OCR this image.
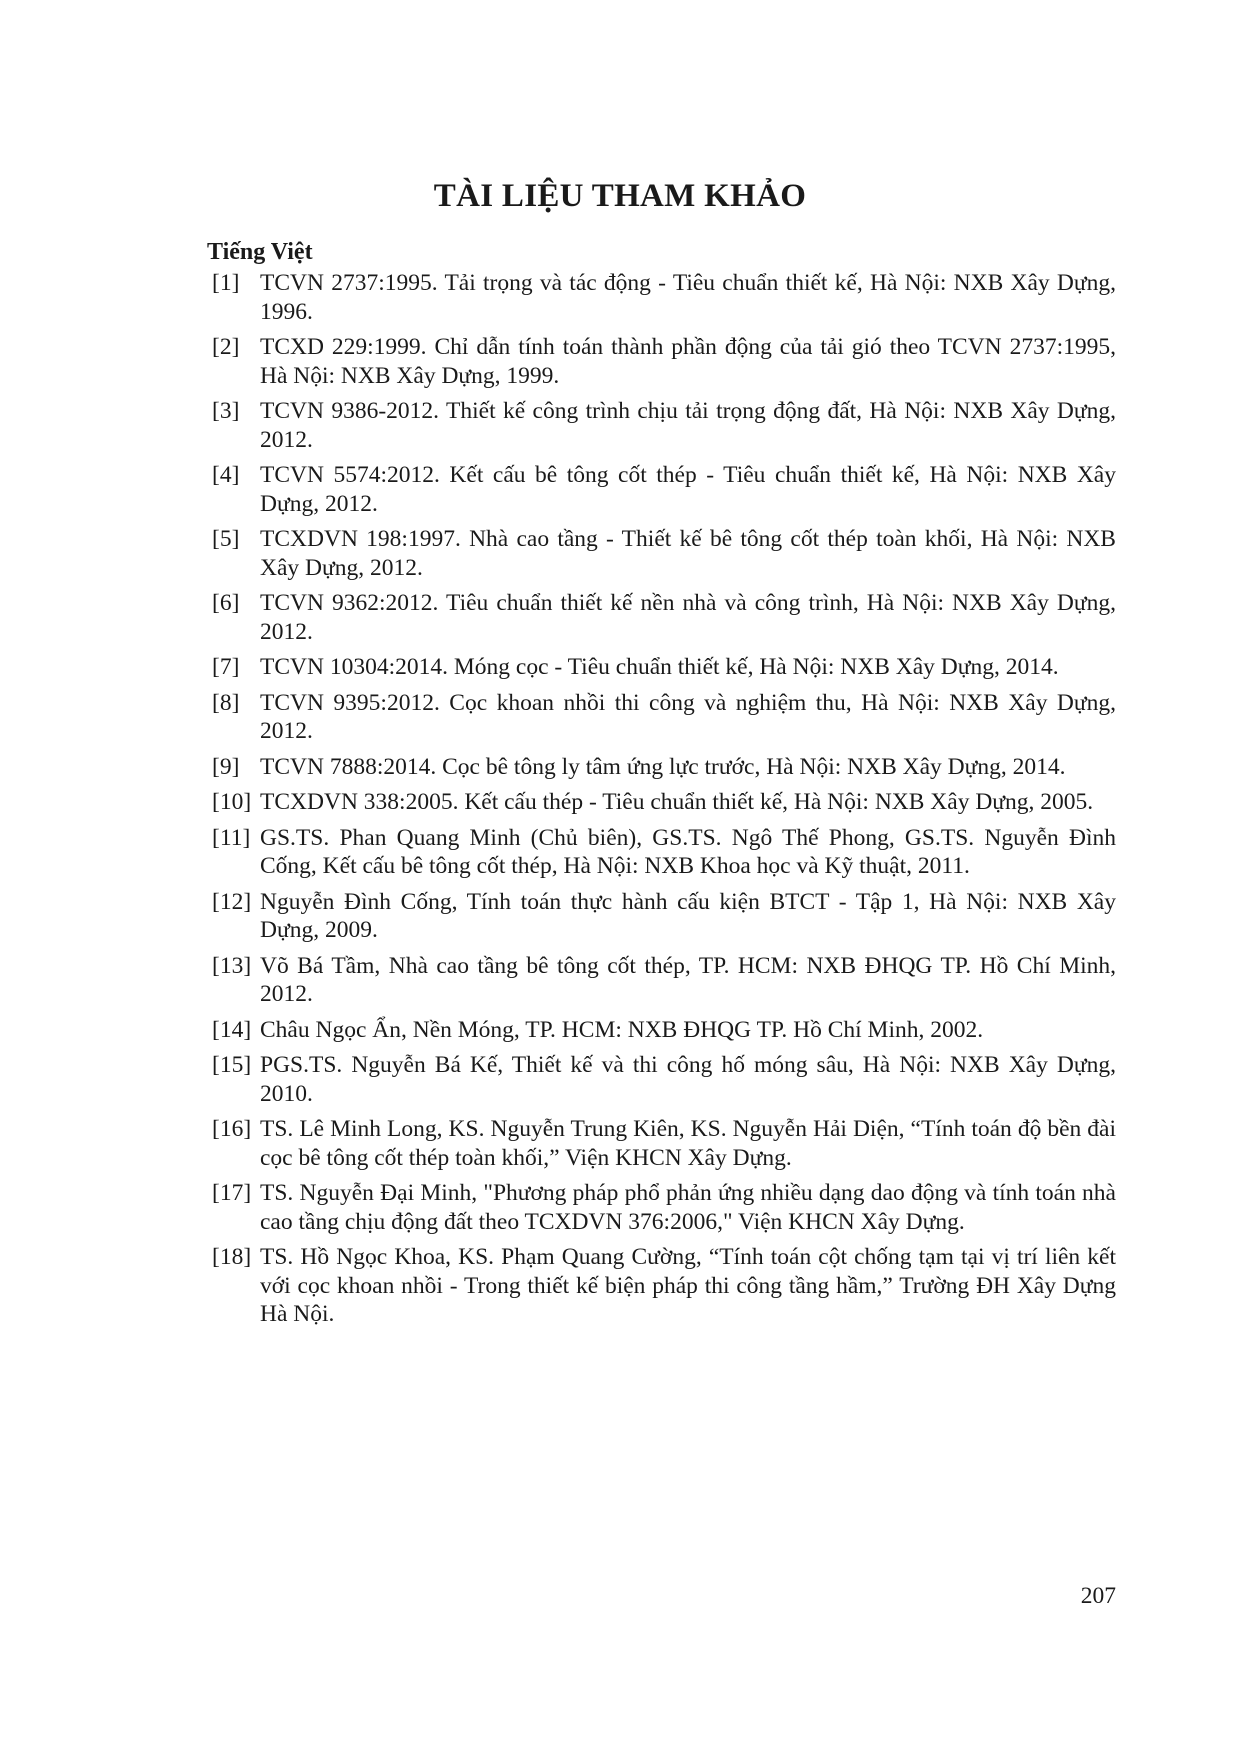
TÀI LIỆU THAM KHẢO
Tiếng Việt
[1] TCVN 2737:1995. Tải trọng và tác động - Tiêu chuẩn thiết kế, Hà Nội: NXB Xây Dựng, 1996.
[2] TCXD 229:1999. Chỉ dẫn tính toán thành phần động của tải gió theo TCVN 2737:1995, Hà Nội: NXB Xây Dựng, 1999.
[3] TCVN 9386-2012. Thiết kế công trình chịu tải trọng động đất, Hà Nội: NXB Xây Dựng, 2012.
[4] TCVN 5574:2012. Kết cấu bê tông cốt thép - Tiêu chuẩn thiết kế, Hà Nội: NXB Xây Dựng, 2012.
[5] TCXDVN 198:1997. Nhà cao tầng - Thiết kế bê tông cốt thép toàn khối, Hà Nội: NXB Xây Dựng, 2012.
[6] TCVN 9362:2012. Tiêu chuẩn thiết kế nền nhà và công trình, Hà Nội: NXB Xây Dựng, 2012.
[7] TCVN 10304:2014. Móng cọc - Tiêu chuẩn thiết kế, Hà Nội: NXB Xây Dựng, 2014.
[8] TCVN 9395:2012. Cọc khoan nhồi thi công và nghiệm thu, Hà Nội: NXB Xây Dựng, 2012.
[9] TCVN 7888:2014. Cọc bê tông ly tâm ứng lực trước, Hà Nội: NXB Xây Dựng, 2014.
[10] TCXDVN 338:2005. Kết cấu thép - Tiêu chuẩn thiết kế, Hà Nội: NXB Xây Dựng, 2005.
[11] GS.TS. Phan Quang Minh (Chủ biên), GS.TS. Ngô Thế Phong, GS.TS. Nguyễn Đình Cống, Kết cấu bê tông cốt thép, Hà Nội: NXB Khoa học và Kỹ thuật, 2011.
[12] Nguyễn Đình Cống, Tính toán thực hành cấu kiện BTCT - Tập 1, Hà Nội: NXB Xây Dựng, 2009.
[13] Võ Bá Tầm, Nhà cao tầng bê tông cốt thép, TP. HCM: NXB ĐHQG TP. Hồ Chí Minh, 2012.
[14] Châu Ngọc Ẩn, Nền Móng, TP. HCM: NXB ĐHQG TP. Hồ Chí Minh, 2002.
[15] PGS.TS. Nguyễn Bá Kế, Thiết kế và thi công hố móng sâu, Hà Nội: NXB Xây Dựng, 2010.
[16] TS. Lê Minh Long, KS. Nguyễn Trung Kiên, KS. Nguyễn Hải Diện, “Tính toán độ bền đài cọc bê tông cốt thép toàn khối,” Viện KHCN Xây Dựng.
[17] TS. Nguyễn Đại Minh, "Phương pháp phổ phản ứng nhiều dạng dao động và tính toán nhà cao tầng chịu động đất theo TCXDVN 376:2006," Viện KHCN Xây Dựng.
[18] TS. Hồ Ngọc Khoa, KS. Phạm Quang Cường, “Tính toán cột chống tạm tại vị trí liên kết với cọc khoan nhồi - Trong thiết kế biện pháp thi công tầng hầm,” Trường ĐH Xây Dựng Hà Nội.
207
